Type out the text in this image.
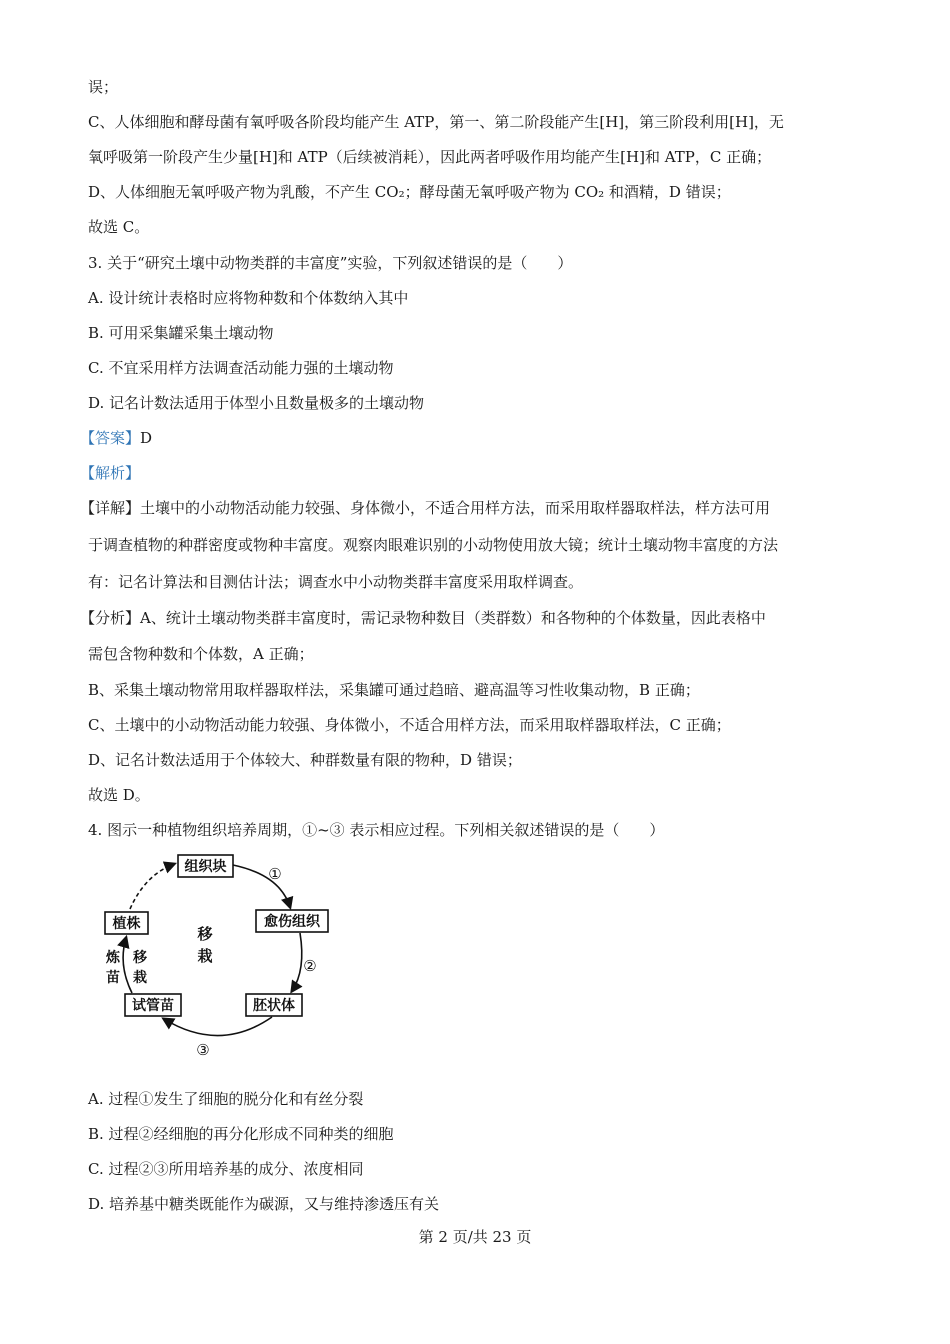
误；
C、人体细胞和酵母菌有氧呼吸各阶段均能产生 ATP，第一、第二阶段能产生[H]，第三阶段利用[H]，无
氧呼吸第一阶段产生少量[H]和 ATP（后续被消耗），因此两者呼吸作用均能产生[H]和 ATP，C 正确；
D、人体细胞无氧呼吸产物为乳酸，不产生 CO₂；酵母菌无氧呼吸产物为 CO₂ 和酒精，D 错误；
故选 C。
3. 关于“研究土壤中动物类群的丰富度”实验，下列叙述错误的是（　　）
A. 设计统计表格时应将物种数和个体数纳入其中
B. 可用采集罐采集土壤动物
C. 不宜采用样方法调查活动能力强的土壤动物
D. 记名计数法适用于体型小且数量极多的土壤动物
【答案】D
【解析】
【详解】土壤中的小动物活动能力较强、身体微小，不适合用样方法，而采用取样器取样法，样方法可用
于调查植物的种群密度或物种丰富度。观察肉眼难识别的小动物使用放大镜；统计土壤动物丰富度的方法
有：记名计算法和目测估计法；调查水中小动物类群丰富度采用取样调查。
【分析】A、统计土壤动物类群丰富度时，需记录物种数目（类群数）和各物种的个体数量，因此表格中
需包含物种数和个体数，A 正确；
B、采集土壤动物常用取样器取样法，采集罐可通过趋暗、避高温等习性收集动物，B 正确；
C、土壤中的小动物活动能力较强、身体微小，不适合用样方法，而采用取样器取样法，C 正确；
D、记名计数法适用于个体较大、种群数量有限的物种，D 错误；
故选 D。
4. 图示一种植物组织培养周期，①~③ 表示相应过程。下列相关叙述错误的是（　　）
组织块
愈伤组织
胚状体
试管苗
植株
移
栽
炼
苗
移
栽
①
②
③
A. 过程①发生了细胞的脱分化和有丝分裂
B. 过程②经细胞的再分化形成不同种类的细胞
C. 过程②③所用培养基的成分、浓度相同
D. 培养基中糖类既能作为碳源，又与维持渗透压有关
第 2 页/共 23 页
